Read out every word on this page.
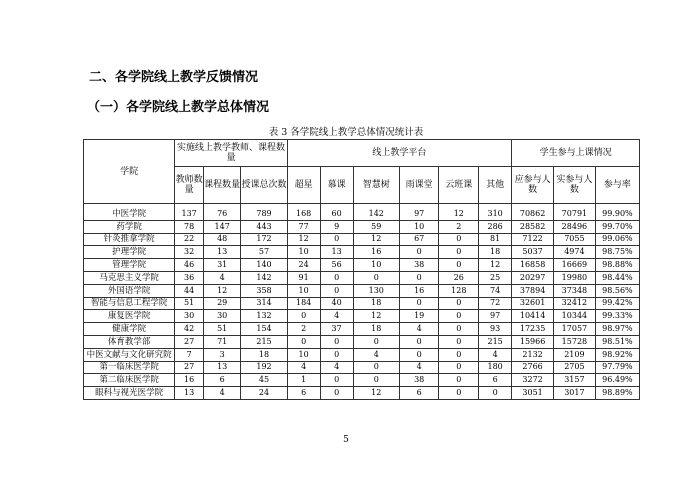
二、各学院线上教学反馈情况
（一）各学院线上教学总体情况
表 3 各学院线上教学总体情况统计表
学院	实施线上教学教师、课程数量			线上教学平台						学生参与上课情况		
	教师数量	课程数量	授课总次数	超星	慕课	智慧树	雨课堂	云班课	其他	应参与人数	实参与人数	参与率
中医学院	137	76	789	168	60	142	97	12	310	70862	70791	99.90%
药学院	78	147	443	77	9	59	10	2	286	28582	28496	99.70%
针灸推拿学院	22	48	172	12	0	12	67	0	81	7122	7055	99.06%
护理学院	32	13	57	10	13	16	0	0	18	5037	4974	98.75%
管理学院	46	31	140	24	56	10	38	0	12	16858	16669	98.88%
马克思主义学院	36	4	142	91	0	0	0	26	25	20297	19980	98.44%
外国语学院	44	12	358	10	0	130	16	128	74	37894	37348	98.56%
智能与信息工程学院	51	29	314	184	40	18	0	0	72	32601	32412	99.42%
康复医学院	30	30	132	0	4	12	19	0	97	10414	10344	99.33%
健康学院	42	51	154	2	37	18	4	0	93	17235	17057	98.97%
体育教学部	27	71	215	0	0	0	0	0	215	15966	15728	98.51%
中医文献与文化研究院	7	3	18	10	0	4	0	0	4	2132	2109	98.92%
第一临床医学院	27	13	192	4	4	0	4	0	180	2766	2705	97.79%
第二临床医学院	16	6	45	1	0	0	38	0	6	3272	3157	96.49%
眼科与视光医学院	13	4	24	6	0	12	6	0	0	3051	3017	98.89%
5
